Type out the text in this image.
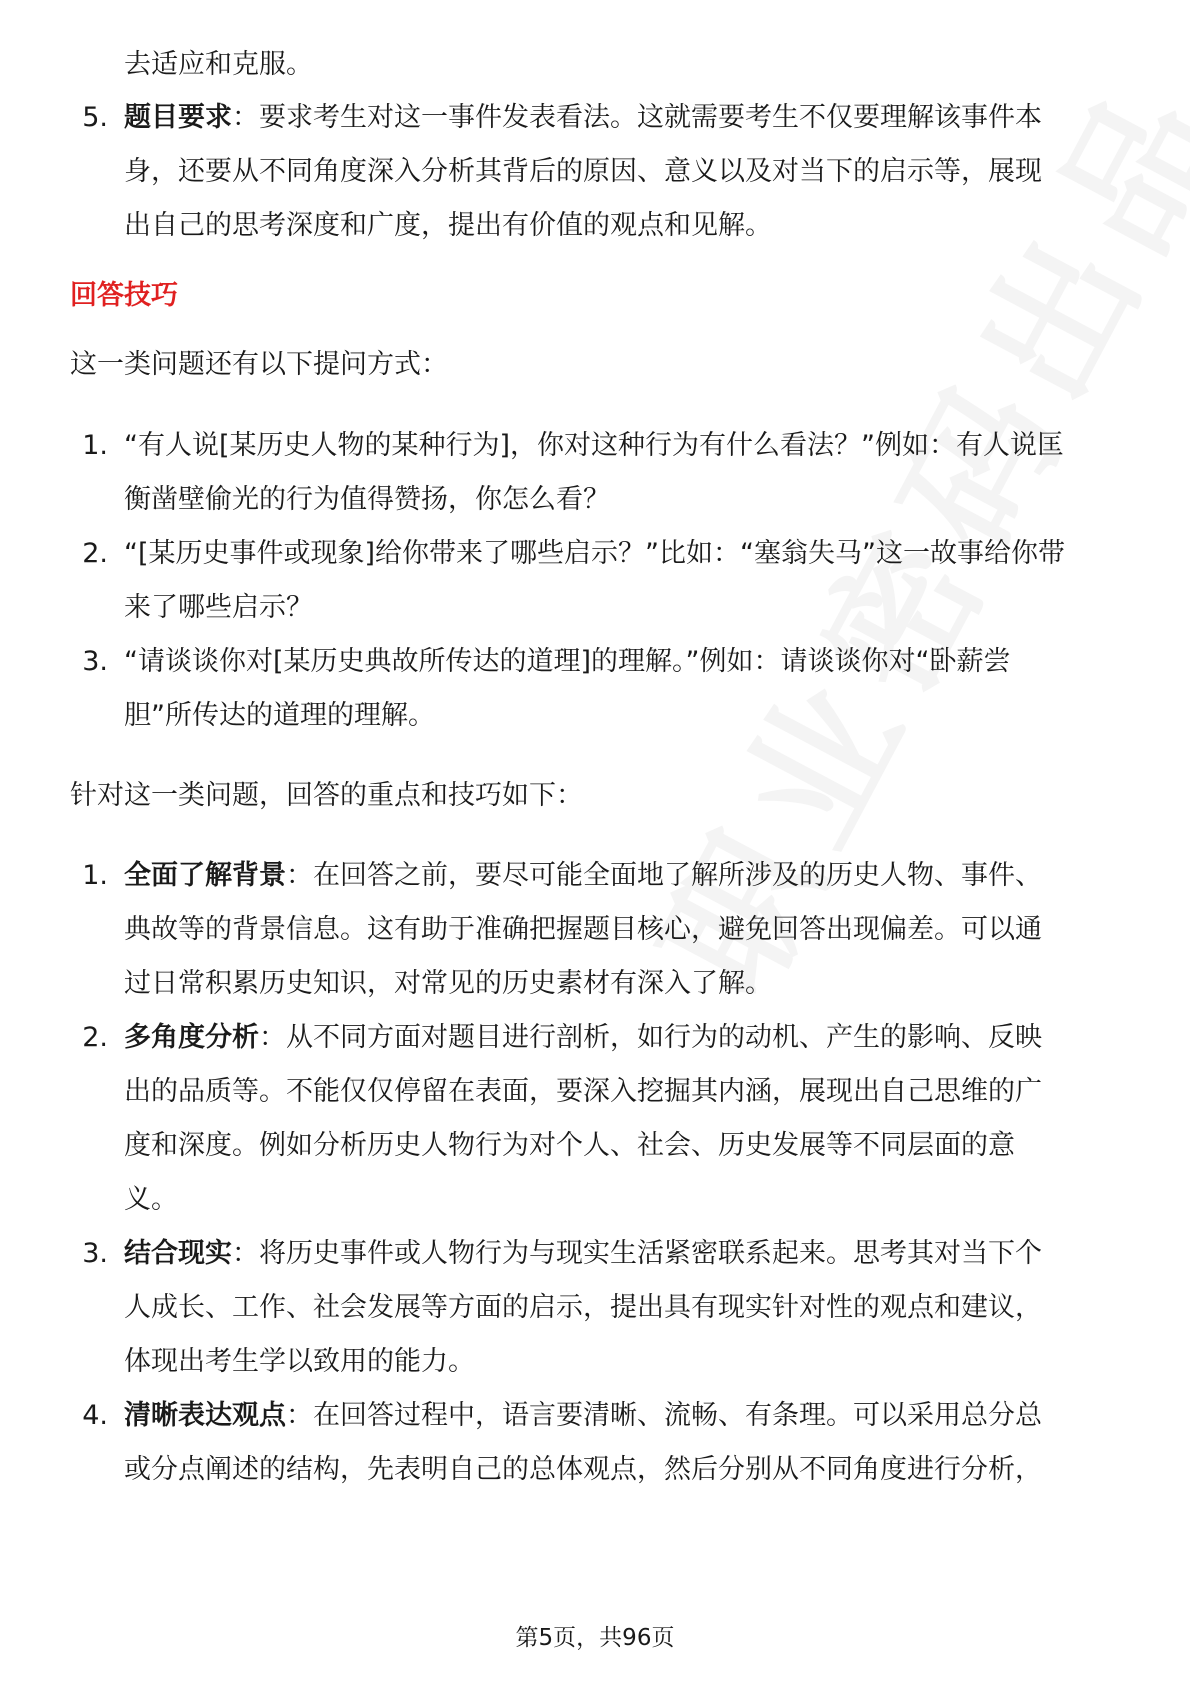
去适应和克服。
5. 题目要求：要求考生对这一事件发表看法。这就需要考生不仅要理解该事件本
身，还要从不同角度深入分析其背后的原因、意义以及对当下的启示等，展现
出自己的思考深度和广度，提出有价值的观点和见解。
回答技巧
这一类问题还有以下提问方式：
1. “有人说[某历史人物的某种行为]，你对这种行为有什么看法？”例如：有人说匡
衡凿壁偷光的行为值得赞扬，你怎么看？
2. “[某历史事件或现象]给你带来了哪些启示？”比如：“塞翁失马”这一故事给你带
来了哪些启示？
3. “请谈谈你对[某历史典故所传达的道理]的理解。”例如：请谈谈你对“卧薪尝
胆”所传达的道理的理解。
针对这一类问题，回答的重点和技巧如下：
1. 全面了解背景：在回答之前，要尽可能全面地了解所涉及的历史人物、事件、
典故等的背景信息。这有助于准确把握题目核心，避免回答出现偏差。可以通
过日常积累历史知识，对常见的历史素材有深入了解。
2. 多角度分析：从不同方面对题目进行剖析，如行为的动机、产生的影响、反映
出的品质等。不能仅仅停留在表面，要深入挖掘其内涵，展现出自己思维的广
度和深度。例如分析历史人物行为对个人、社会、历史发展等不同层面的意
义。
3. 结合现实：将历史事件或人物行为与现实生活紧密联系起来。思考其对当下个
人成长、工作、社会发展等方面的启示，提出具有现实针对性的观点和建议，
体现出考生学以致用的能力。
4. 清晰表达观点：在回答过程中，语言要清晰、流畅、有条理。可以采用总分总
或分点阐述的结构，先表明自己的总体观点，然后分别从不同角度进行分析，
第5页，共96页
